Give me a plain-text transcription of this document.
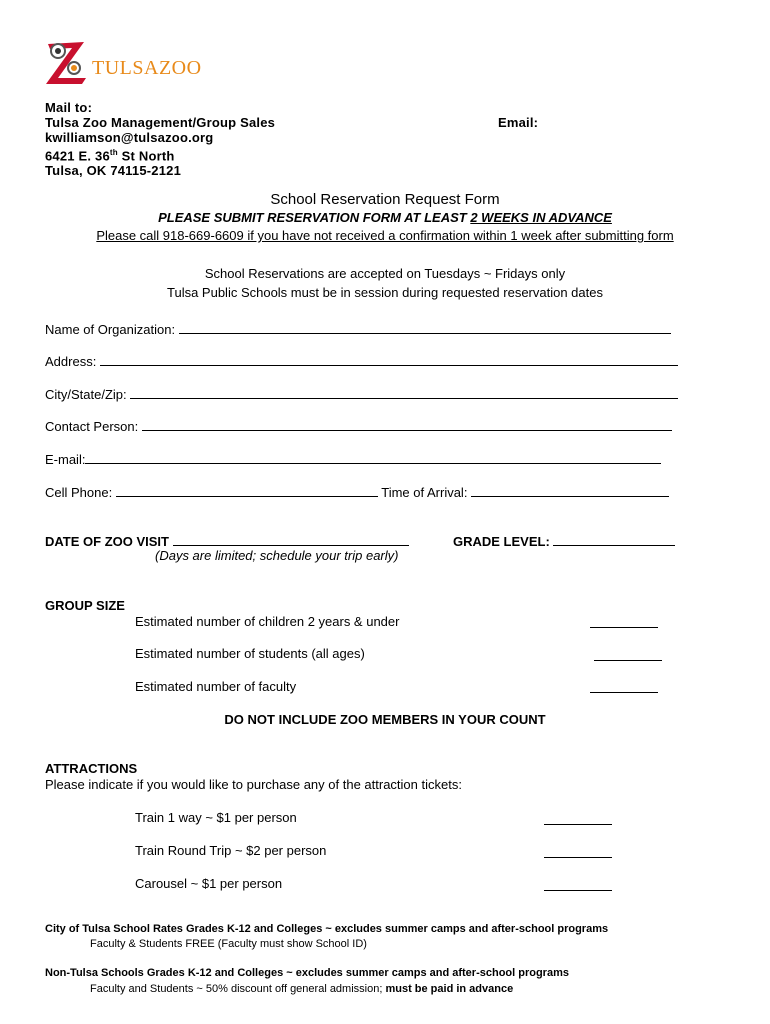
TULSAZOO
Mail to:
Tulsa Zoo Management/Group Sales
kwilliamson@tulsazoo.org
6421 E. 36th St North
Tulsa, OK 74115-2121
Email:
School Reservation Request Form
PLEASE SUBMIT RESERVATION FORM AT LEAST 2 WEEKS IN ADVANCE
Please call 918-669-6609 if you have not received a confirmation within 1 week after submitting form
School Reservations are accepted on Tuesdays ~ Fridays only
Tulsa Public Schools must be in session during requested reservation dates
Name of Organization:
Address:
City/State/Zip:
Contact Person:
E-mail:
Cell Phone:	Time of Arrival:
DATE OF ZOO VISIT
(Days are limited; schedule your trip early)
GRADE LEVEL:
GROUP SIZE
Estimated number of children 2 years & under
Estimated number of students (all ages)
Estimated number of faculty
DO NOT INCLUDE ZOO MEMBERS IN YOUR COUNT
ATTRACTIONS
Please indicate if you would like to purchase any of the attraction tickets:
Train 1 way ~ $1 per person
Train Round Trip ~ $2 per person
Carousel ~ $1 per person
City of Tulsa School Rates Grades K-12 and Colleges ~ excludes summer camps and after-school programs
Faculty & Students FREE (Faculty must show School ID)
Non-Tulsa Schools Grades K-12 and Colleges ~ excludes summer camps and after-school programs
Faculty and Students ~ 50% discount off general admission; must be paid in advance
